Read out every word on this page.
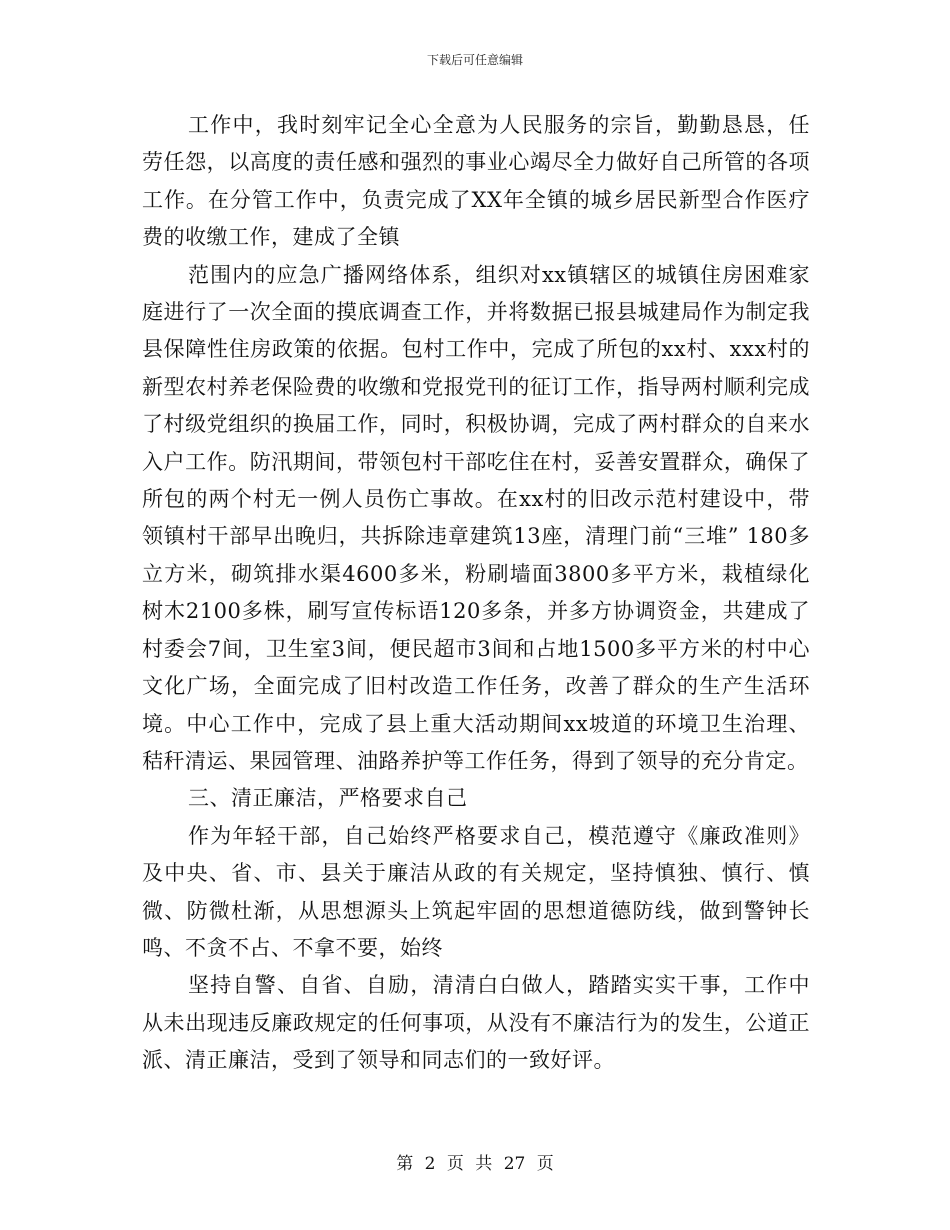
下载后可任意编辑

工作中，我时刻牢记全心全意为人民服务的宗旨，勤勤恳恳，任劳任怨，以高度的责任感和强烈的事业心竭尽全力做好自己所管的各项工作。在分管工作中，负责完成了XX年全镇的城乡居民新型合作医疗费的收缴工作，建成了全镇

范围内的应急广播网络体系，组织对xx镇辖区的城镇住房困难家庭进行了一次全面的摸底调查工作，并将数据已报县城建局作为制定我县保障性住房政策的依据。包村工作中，完成了所包的xx村、xxx村的新型农村养老保险费的收缴和党报党刊的征订工作，指导两村顺利完成了村级党组织的换届工作，同时，积极协调，完成了两村群众的自来水入户工作。防汛期间，带领包村干部吃住在村，妥善安置群众，确保了所包的两个村无一例人员伤亡事故。在xx村的旧改示范村建设中，带领镇村干部早出晚归，共拆除违章建筑13座，清理门前“三堆” 180多立方米，砌筑排水渠4600多米，粉刷墙面3800多平方米，栽植绿化树木2100多株，刷写宣传标语120多条，并多方协调资金，共建成了村委会7间，卫生室3间，便民超市3间和占地1500多平方米的村中心文化广场，全面完成了旧村改造工作任务，改善了群众的生产生活环境。中心工作中，完成了县上重大活动期间xx坡道的环境卫生治理、秸秆清运、果园管理、油路养护等工作任务，得到了领导的充分肯定。

三、清正廉洁，严格要求自己

作为年轻干部，自己始终严格要求自己，模范遵守《廉政准则》及中央、省、市、县关于廉洁从政的有关规定，坚持慎独、慎行、慎微、防微杜渐，从思想源头上筑起牢固的思想道德防线，做到警钟长鸣、不贪不占、不拿不要，始终

坚持自警、自省、自励，清清白白做人，踏踏实实干事，工作中从未出现违反廉政规定的任何事项，从没有不廉洁行为的发生，公道正派、清正廉洁，受到了领导和同志们的一致好评。

第 2 页 共 27 页
